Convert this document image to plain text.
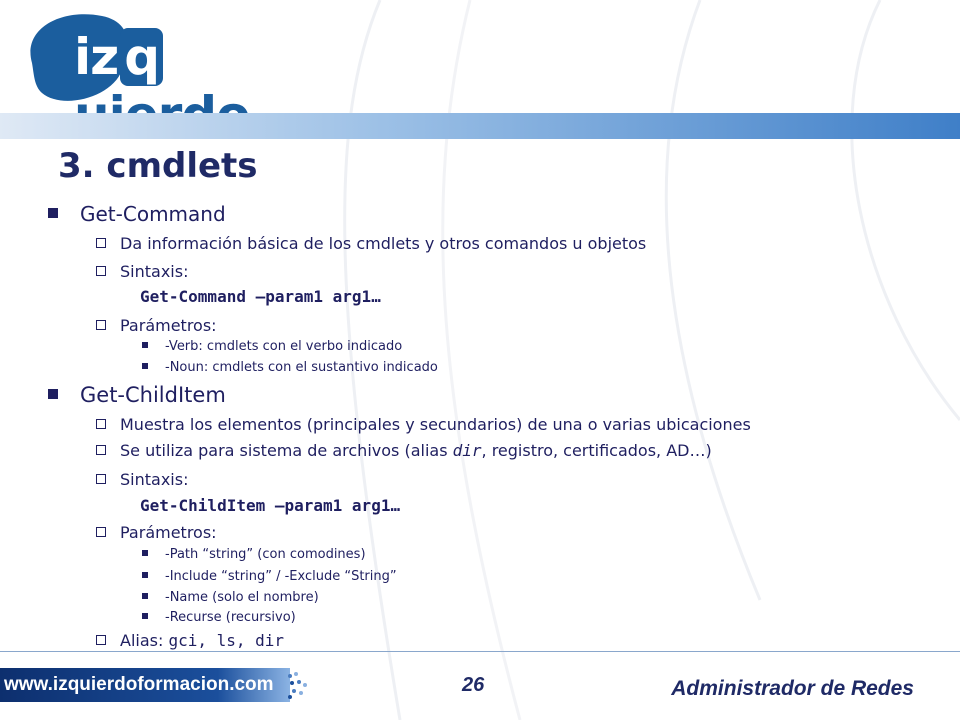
iz q
3. cmdlets
Get-Command
Da información básica de los cmdlets y otros comandos u objetos
Sintaxis:
Get-Command –param1 arg1…
Parámetros:
-Verb: cmdlets con el verbo indicado
-Noun: cmdlets con el sustantivo indicado
Get-ChildItem
Muestra los elementos (principales y secundarios) de una o varias ubicaciones
Se utiliza para sistema de archivos (alias dir, registro, certificados, AD…)
Sintaxis:
Get-ChildItem –param1 arg1…
Parámetros:
-Path “string” (con comodines)
-Include “string” / -Exclude “String”
-Name (solo el nombre)
-Recurse (recursivo)
Alias: gci, ls, dir
www.izquierdoformacion.com	26	Administrador de Redes
